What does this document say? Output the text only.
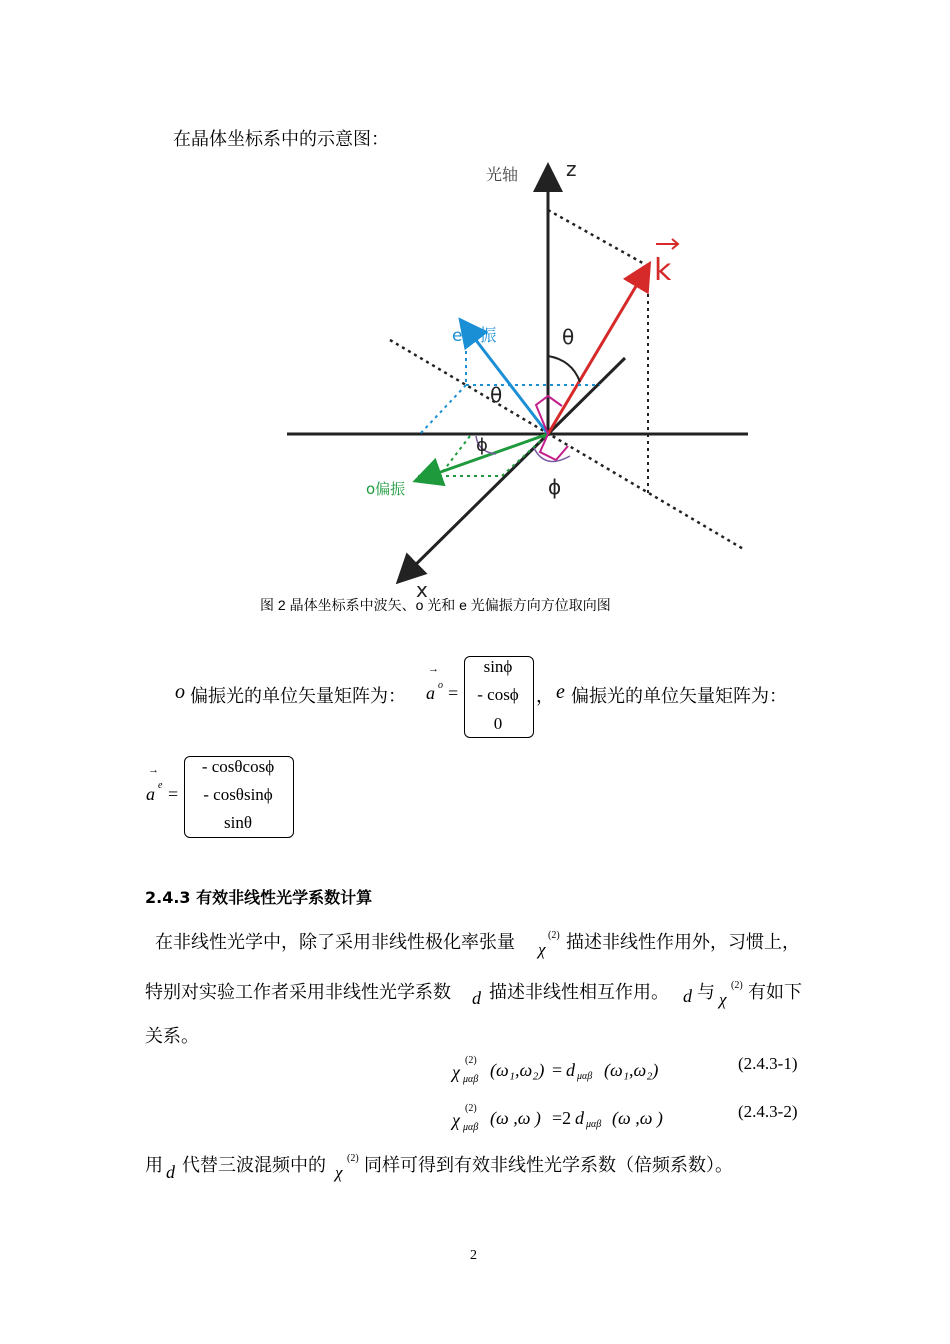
在晶体坐标系中的示意图：
光轴 z
k
θ
θ
ϕ
ϕ
e偏振
o偏振
x
图 2 晶体坐标系中波矢、o 光和 e 光偏振方向方位取向图
o 偏振光的单位矢量矩阵为：
→
a o =
sinϕ
- cosϕ
0
， e 偏振光的单位矢量矩阵为：
→
a e =
- cosθcosϕ
- cosθsinϕ
sinθ
2.4.3 有效非线性光学系数计算
在非线性光学中，除了采用非线性极化率张量 χ
(2) 描述非线性作用外，习惯上，
特别对实验工作者采用非线性光学系数 d 描述非线性相互作用。 d 与 χ
(2) 有如下
关系。
χ
(2)
μαβ (ω₁,ω₂) = d μαβ (ω₁,ω₂)	(2.4.3-1)
χ
(2)
μαβ (ω ,ω ) =2 d μαβ (ω ,ω )	(2.4.3-2)
用 d 代替三波混频中的 χ
(2) 同样可得到有效非线性光学系数（倍频系数）。
2
